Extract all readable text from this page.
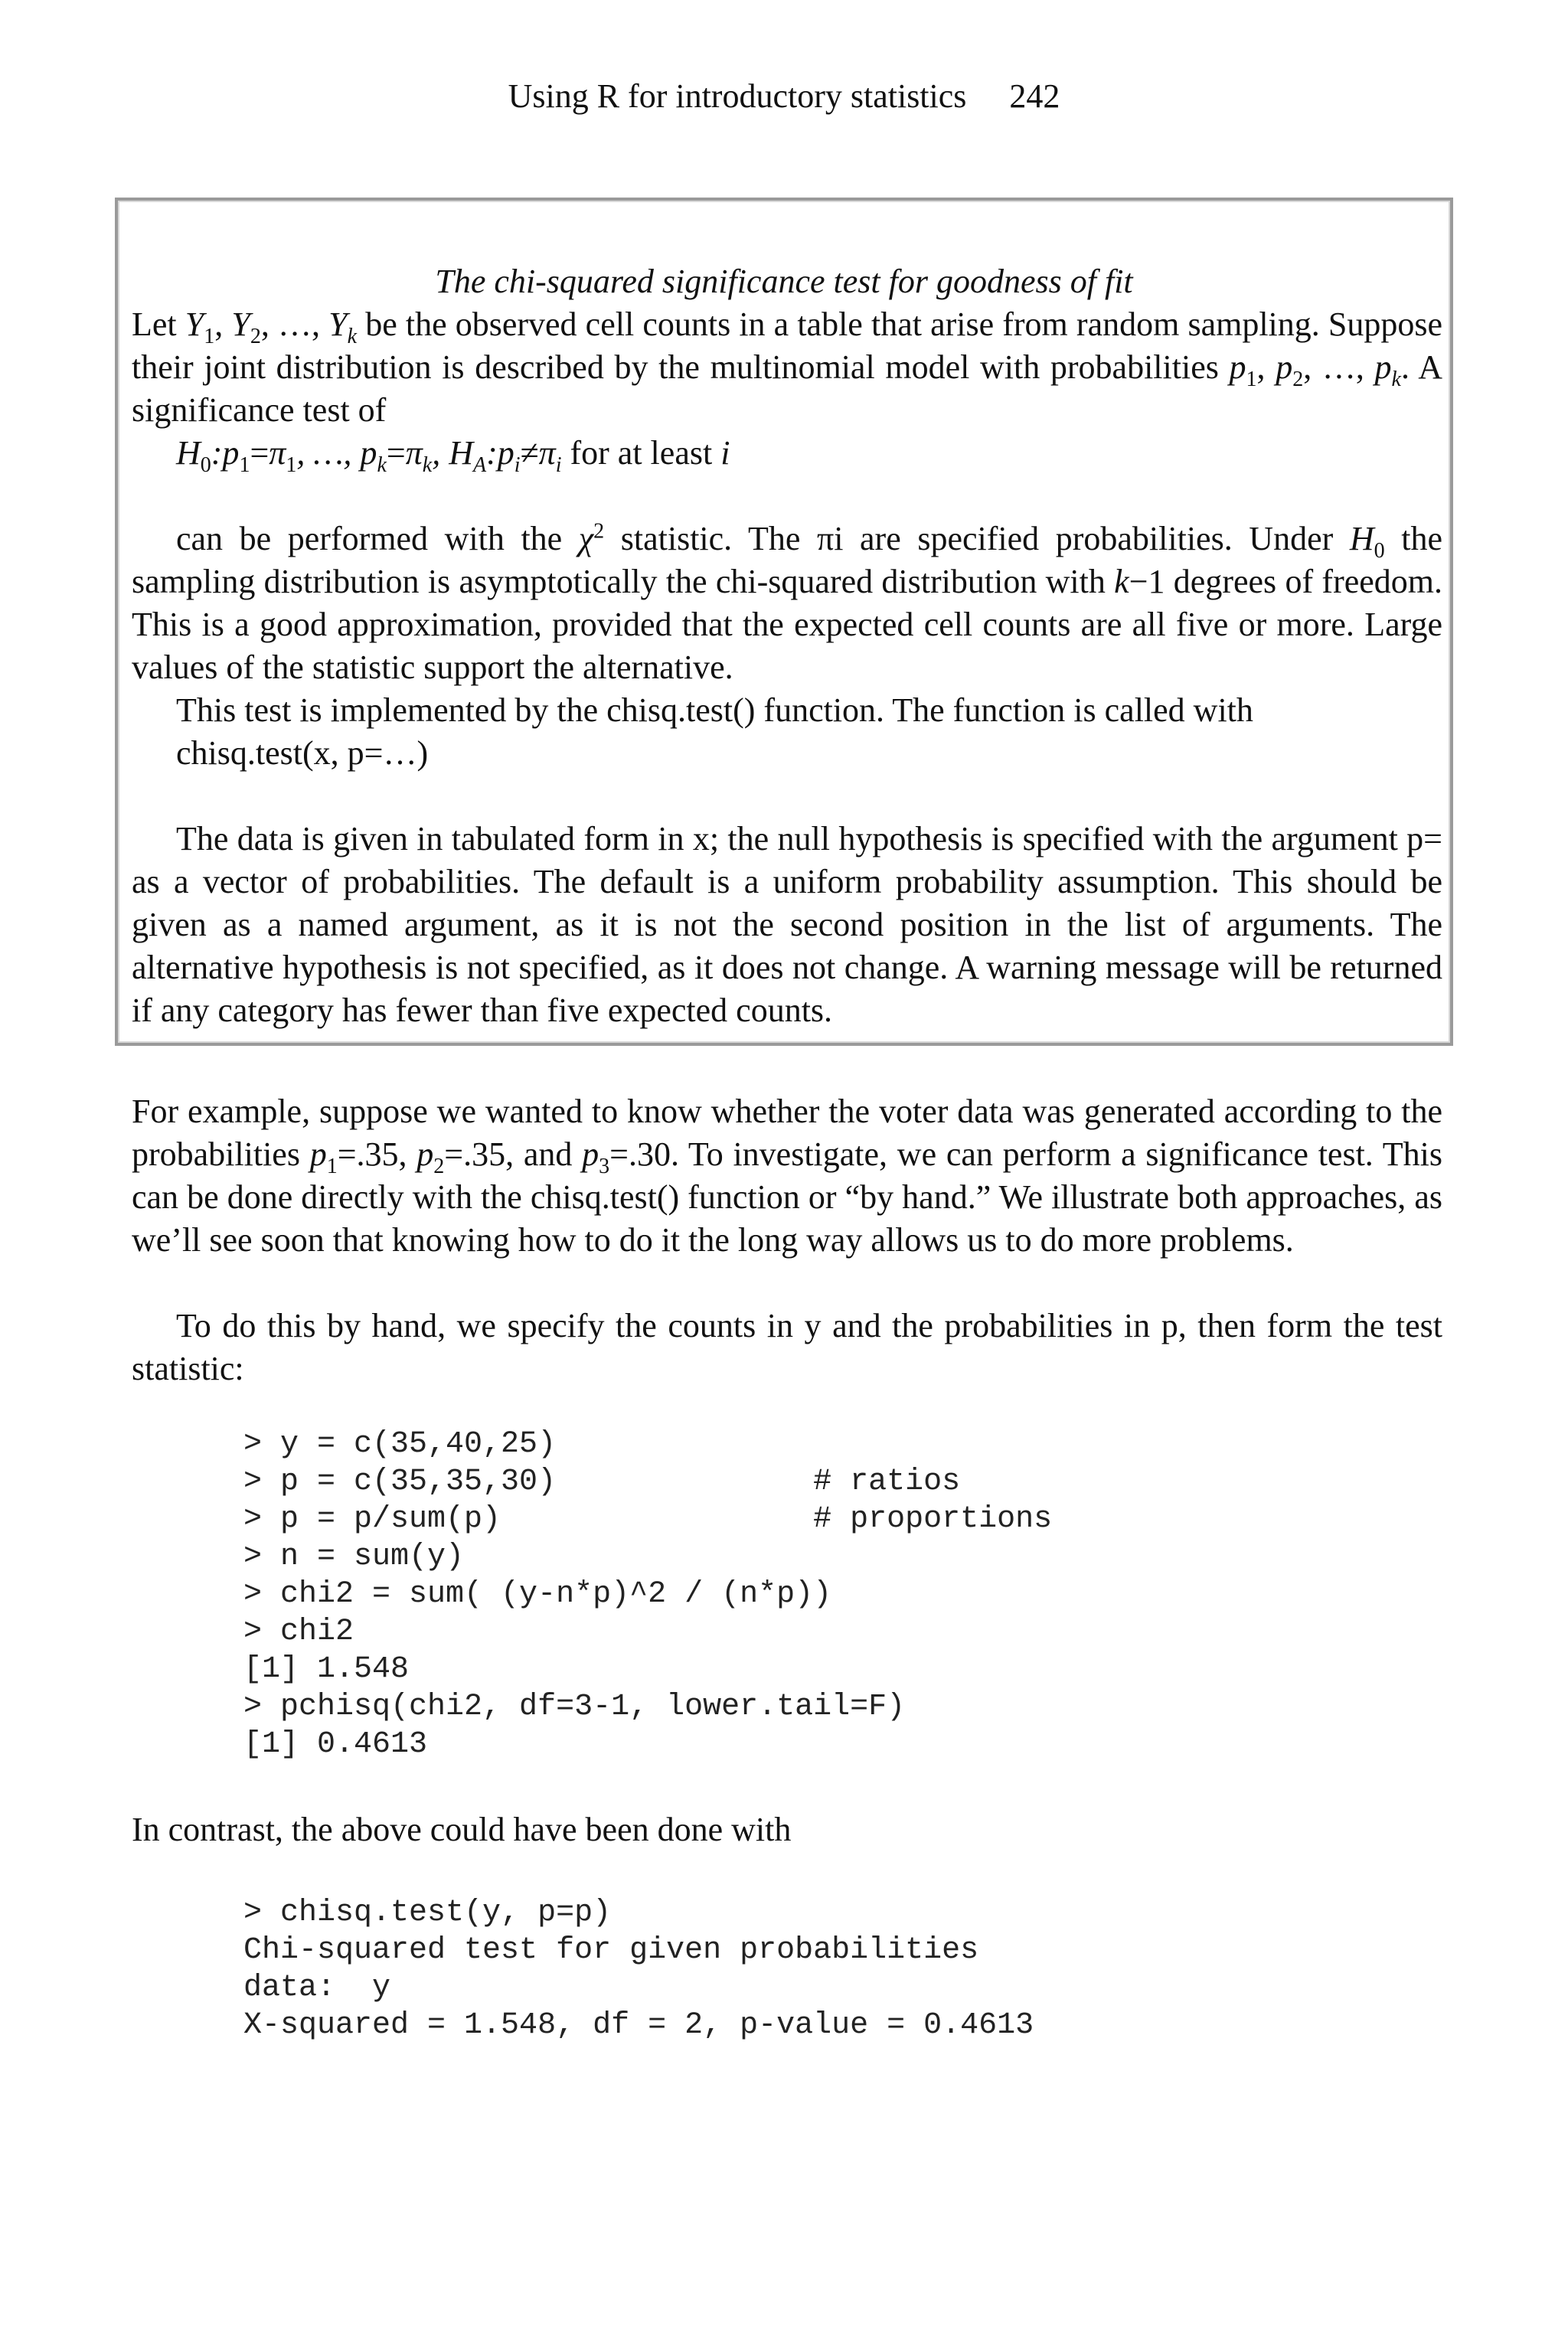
Using R for introductory statistics 242
The chi-squared significance test for goodness of fit

Let $Y_1$, $Y_2$, …, $Y_k$ be the observed cell counts in a table that arise from random sampling. Suppose their joint distribution is described by the multinomial model with probabilities $p_1$, $p_2$, …, $p_k$. A significance test of

$H_0:p_1=\pi_1$, …, $p_k=\pi_k$, $H_A:p_i\ne\pi_i$ for at least i

can be performed with the $\chi^2$ statistic. The πi are specified probabilities. Under $H_0$ the sampling distribution is asymptotically the chi-squared distribution with k−1 degrees of freedom. This is a good approximation, provided that the expected cell counts are all five or more. Large values of the statistic support the alternative.

This test is implemented by the chisq.test() function. The function is called with
chisq.test(x, p=…)

The data is given in tabulated form in x; the null hypothesis is specified with the argument p= as a vector of probabilities. The default is a uniform probability assumption. This should be given as a named argument, as it is not the second position in the list of arguments. The alternative hypothesis is not specified, as it does not change. A warning message will be returned if any category has fewer than five expected counts.

For example, suppose we wanted to know whether the voter data was generated according to the probabilities $p_1=.35$, $p_2=.35$, and $p_3=.30$. To investigate, we can perform a significance test. This can be done directly with the chisq.test() function or “by hand.” We illustrate both approaches, as we’ll see soon that knowing how to do it the long way allows us to do more problems.

To do this by hand, we specify the counts in y and the probabilities in p, then form the test statistic:

> y = c(35,40,25)
> p = c(35,35,30)              # ratios
> p = p/sum(p)                 # proportions
> n = sum(y)
> chi2 = sum( (y-n*p)^2 / (n*p))
> chi2
[1] 1.548
> pchisq(chi2, df=3-1, lower.tail=F)
[1] 0.4613
In contrast, the above could have been done with
> chisq.test(y, p=p)
Chi-squared test for given probabilities
data:  y
X-squared = 1.548, df = 2, p-value = 0.4613
